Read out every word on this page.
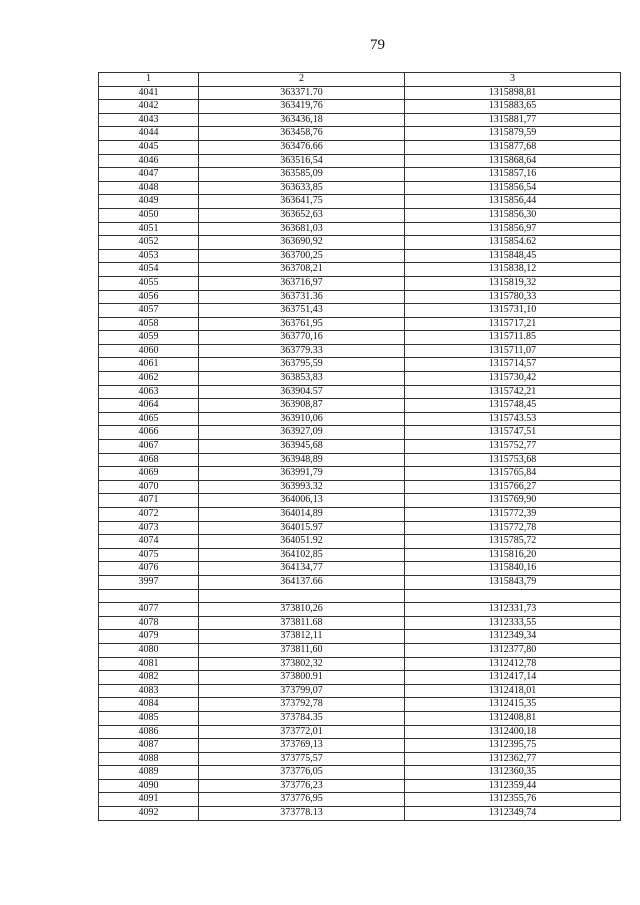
79
1	2	3
4041	363371.70	1315898,81
4042	363419,76	1315883,65
4043	363436,18	1315881,77
4044	363458,76	1315879,59
4045	363476.66	1315877,68
4046	363516,54	1315868,64
4047	363585,09	1315857,16
4048	363633,85	1315856,54
4049	363641,75	1315856,44
4050	363652,63	1315856,30
4051	363681,03	1315856,97
4052	363690,92	1315854.62
4053	363700,25	1315848,45
4054	363708,21	1315838,12
4055	363716,97	1315819,32
4056	363731.36	1315780,33
4057	363751,43	1315731,10
4058	363761,95	1315717,21
4059	363770,16	1315711.85
4060	363779.33	1315711,07
4061	363795,59	1315714,57
4062	363853,83	1315730,42
4063	363904.57	1315742,21
4064	363908,87	1315748,45
4065	363910,06	1315743.53
4066	363927,09	1315747,51
4067	363945,68	1315752,77
4068	363948,89	1315753,68
4069	363991,79	1315765,84
4070	363993.32	1315766,27
4071	364006,13	1315769,90
4072	364014,89	1315772,39
4073	364015.97	1315772,78
4074	364051.92	1315785,72
4075	364102,85	1315816,20
4076	364134,77	1315840,16
3997	364137.66	1315843,79

4077	373810,26	1312331,73
4078	373811.68	1312333,55
4079	373812,11	1312349,34
4080	373811,60	1312377,80
4081	373802,32	1312412,78
4082	373800.91	1312417,14
4083	373799,07	1312418,01
4084	373792,78	1312415,35
4085	373784.35	1312408,81
4086	373772,01	1312400,18
4087	373769,13	1312395,75
4088	373775,57	1312362,77
4089	373776,05	1312360,35
4090	373776,23	1312359,44
4091	373776,95	1312355,76
4092	373778.13	1312349,74
